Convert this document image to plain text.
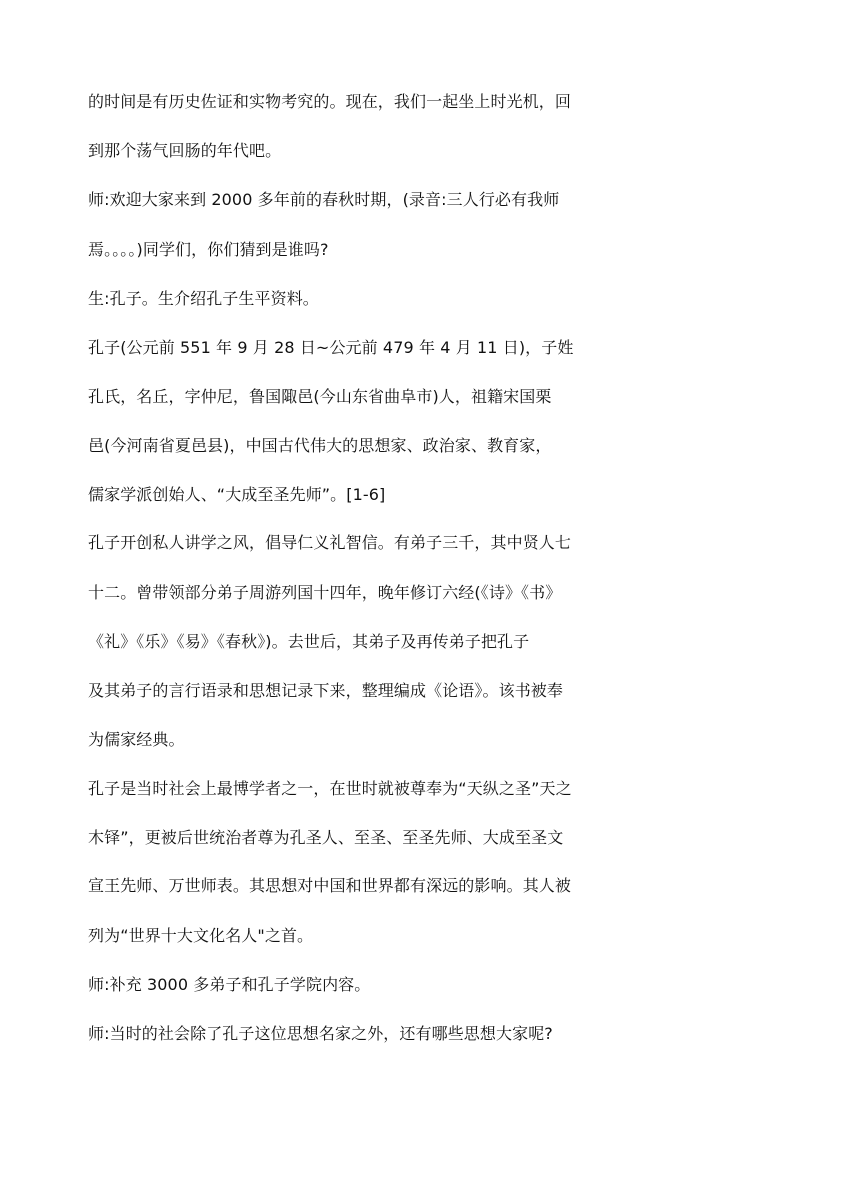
的时间是有历史佐证和实物考究的。现在，我们一起坐上时光机，回
到那个荡气回肠的年代吧。
师:欢迎大家来到 2000 多年前的春秋时期，(录音:三人行必有我师
焉。。。。)同学们，你们猜到是谁吗?
生:孔子。生介绍孔子生平资料。
孔子(公元前 551 年 9 月 28 日~公元前 479 年 4 月 11 日)，子姓
孔氏，名丘，字仲尼，鲁国陬邑(今山东省曲阜市)人，祖籍宋国栗
邑(今河南省夏邑县)，中国古代伟大的思想家、政治家、教育家，
儒家学派创始人、“大成至圣先师”。[1-6]
孔子开创私人讲学之风，倡导仁义礼智信。有弟子三千，其中贤人七
十二。曾带领部分弟子周游列国十四年，晚年修订六经(《诗》《书》
《礼》《乐》《易》《春秋》)。去世后，其弟子及再传弟子把孔子
及其弟子的言行语录和思想记录下来，整理编成《论语》。该书被奉
为儒家经典。
孔子是当时社会上最博学者之一，在世时就被尊奉为“天纵之圣”天之
木铎”，更被后世统治者尊为孔圣人、至圣、至圣先师、大成至圣文
宣王先师、万世师表。其思想对中国和世界都有深远的影响。其人被
列为“世界十大文化名人"之首。
师:补充 3000 多弟子和孔子学院内容。
师:当时的社会除了孔子这位思想名家之外，还有哪些思想大家呢?
